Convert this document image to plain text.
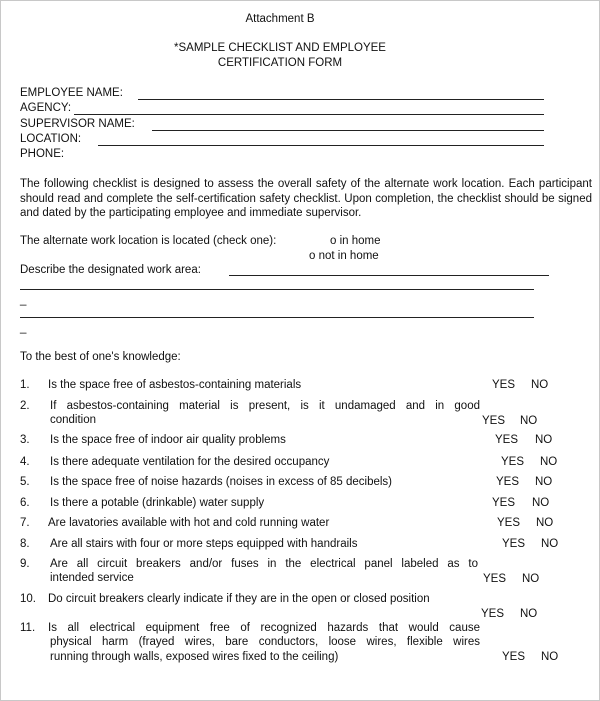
Attachment B
*SAMPLE CHECKLIST AND EMPLOYEE
CERTIFICATION FORM
EMPLOYEE NAME:
AGENCY:
SUPERVISOR NAME:
LOCATION:
PHONE:
The following checklist is designed to assess the overall safety of the alternate work location. Each participant should read and complete the self-certification safety checklist. Upon completion, the checklist should be signed and dated by the participating employee and immediate supervisor.
The alternate work location is located (check one):	o in home
o not in home
Describe the designated work area:
_
_
To the best of one's knowledge:
1. Is the space free of asbestos-containing materials	YES NO
2. If asbestos-containing material is present, is it undamaged and in good
condition	YES NO
3. Is the space free of indoor air quality problems	YES NO
4. Is there adequate ventilation for the desired occupancy	YES NO
5. Is the space free of noise hazards (noises in excess of 85 decibels)	YES NO
6. Is there a potable (drinkable) water supply	YES NO
7. Are lavatories available with hot and cold running water	YES NO
8. Are all stairs with four or more steps equipped with handrails	YES NO
9. Are all circuit breakers and/or fuses in the electrical panel labeled as to
intended service	YES NO
10. Do circuit breakers clearly indicate if they are in the open or closed position
YES NO
11. Is all electrical equipment free of recognized hazards that would cause
physical harm (frayed wires, bare conductors, loose wires, flexible wires
running through walls, exposed wires fixed to the ceiling)	YES NO
